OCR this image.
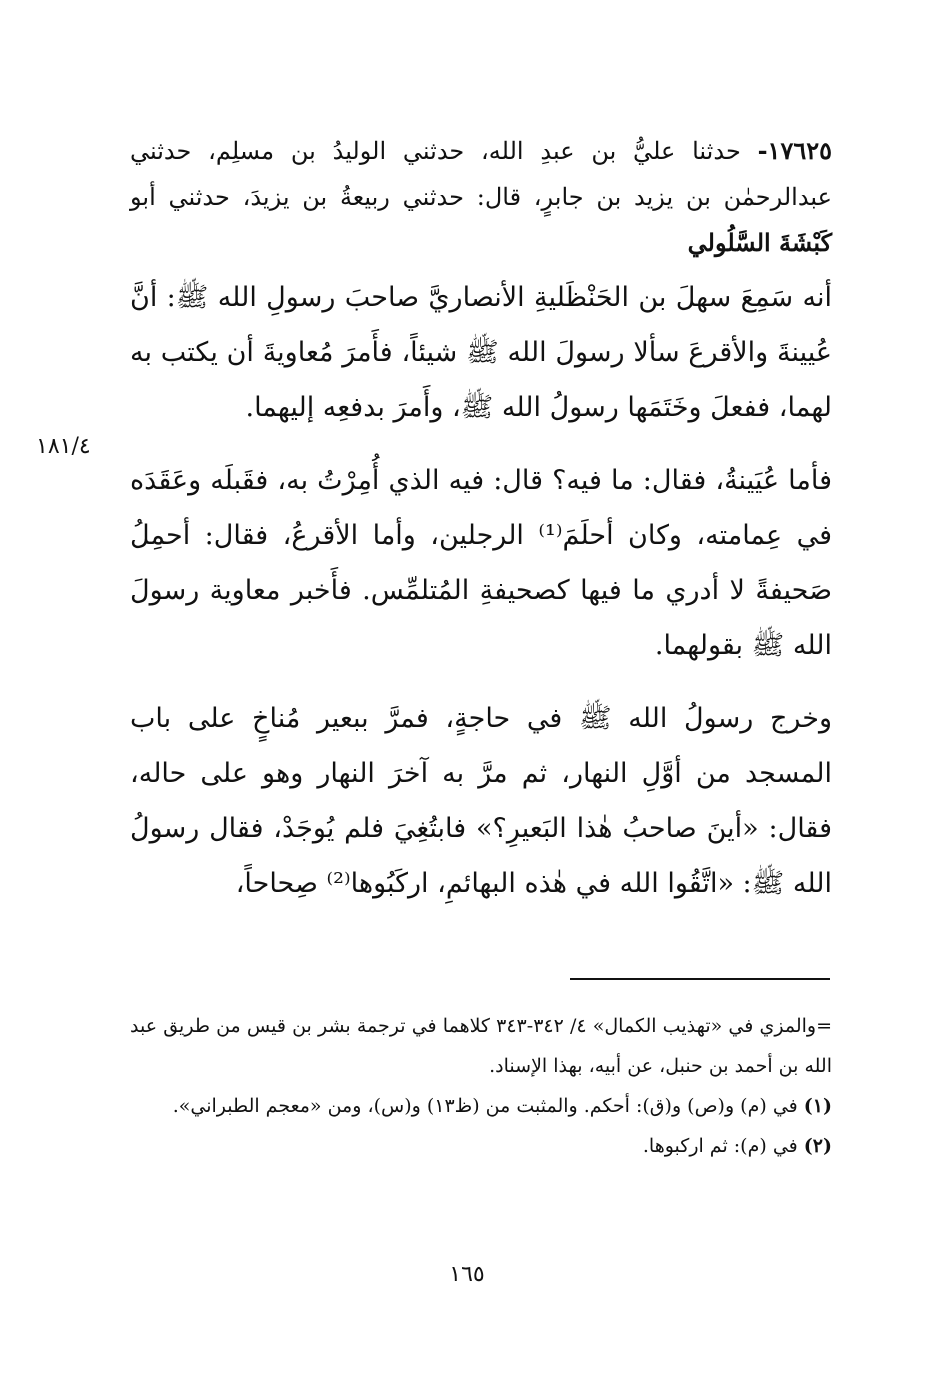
١٧٦٢٥- حدثنا عليُّ بن عبدِ الله، حدثني الوليدُ بن مسلِم، حدثني عبدالرحمٰن بن يزيد بن جابرٍ، قال: حدثني ربيعةُ بن يزيدَ، حدثني أبو كَبْشَةَ السَّلُولي
١٨١/٤

أنه سَمِعَ سهلَ بن الحَنْظَليةِ الأنصاريَّ صاحبَ رسولِ الله ﷺ: أنَّ عُيينةَ والأقرعَ سألا رسولَ الله ﷺ شيئاً، فأَمرَ مُعاويةَ أن يكتب به لهما، ففعلَ وخَتَمَها رسولُ الله ﷺ، وأَمرَ بدفعِه إليهما.

فأما عُيَينةُ، فقال: ما فيه؟ قال: فيه الذي أُمِرْتُ به، فقَبلَه وعَقَدَه في عِمامته، وكان أحلَمَ⁽¹⁾ الرجلين، وأما الأقرعُ، فقال: أحمِلُ صَحيفةً لا أدري ما فيها كصحيفةِ المُتلمِّس. فأَخبر معاوية رسولَ الله ﷺ بقولهما.

وخرج رسولُ الله ﷺ في حاجةٍ، فمرَّ ببعير مُناخٍ على باب المسجد من أوَّلِ النهار، ثم مرَّ به آخرَ النهار وهو على حاله، فقال: «أينَ صاحبُ هٰذا البَعيرِ؟» فابتُغِيَ فلم يُوجَدْ، فقال رسولُ الله ﷺ: «اتَّقُوا الله في هٰذه البهائمِ، اركَبُوها⁽²⁾ صِحاحاً،

=والمزي في «تهذيب الكمال» ٤/ ٣٤٢-٣٤٣ كلاهما في ترجمة بشر بن قيس من طريق عبد الله بن أحمد بن حنبل، عن أبيه، بهذا الإسناد.

(١) في (م) و(ص) و(ق): أحكم. والمثبت من (ظ١٣) و(س)، ومن «معجم الطبراني».

(٢) في (م): ثم اركبوها.

١٦٥
